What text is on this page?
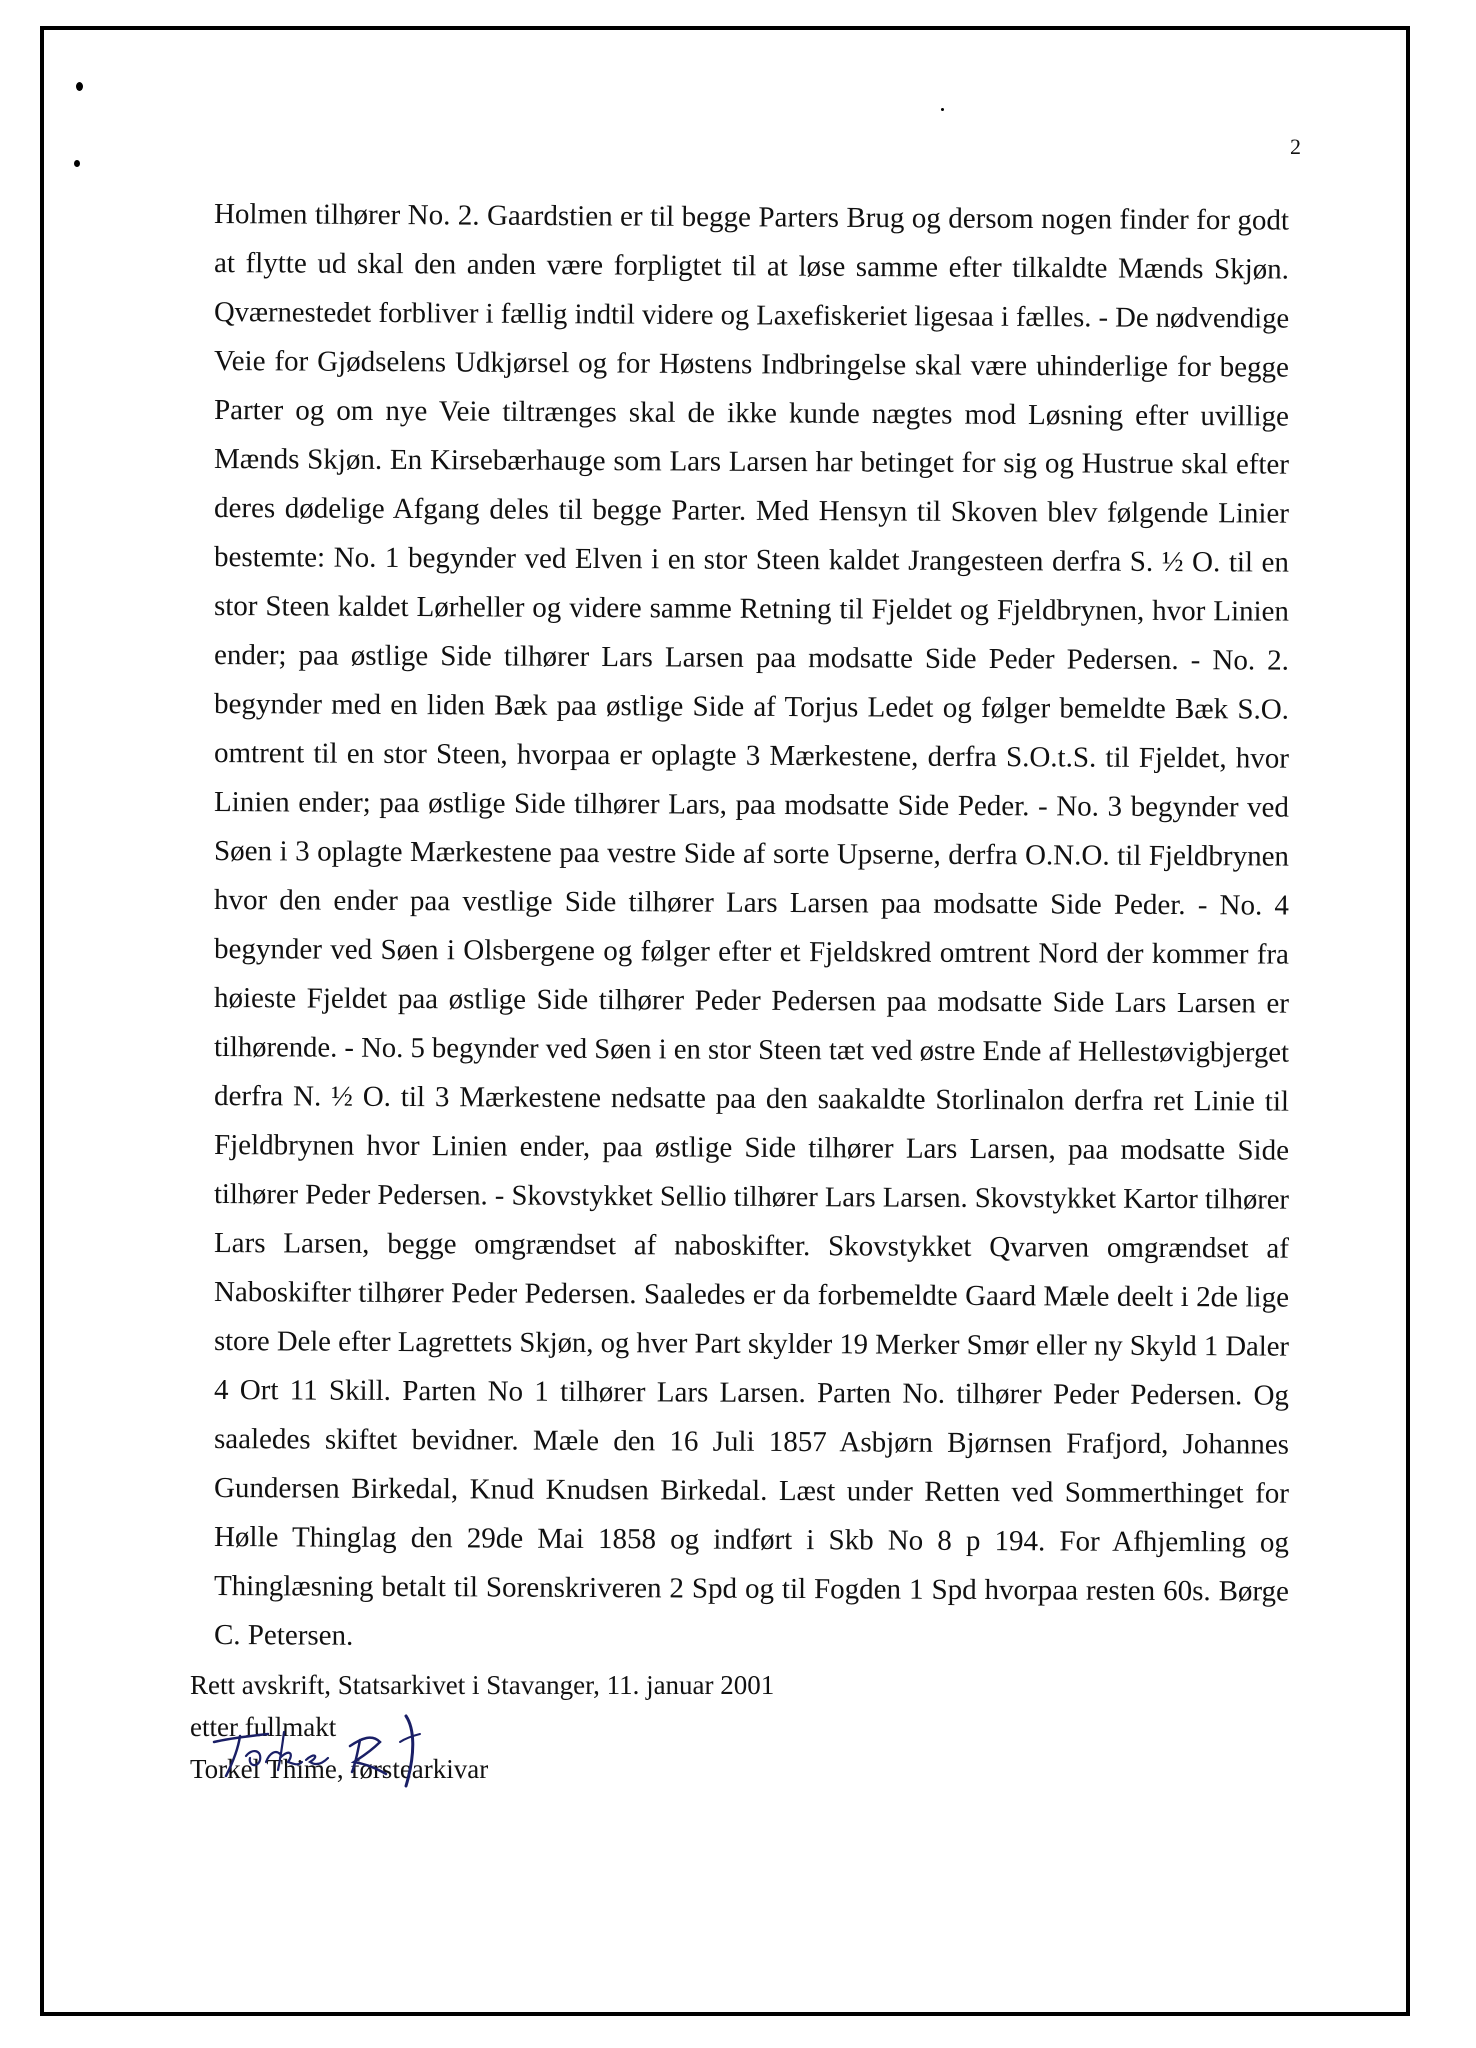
2
Holmen tilhører No. 2. Gaardstien er til begge Parters Brug og dersom nogen finder for godt
at flytte ud skal den anden være forpligtet til at løse samme efter tilkaldte Mænds Skjøn.
Qværnestedet forbliver i fællig indtil videre og Laxefiskeriet ligesaa i fælles. - De nødvendige
Veie for Gjødselens Udkjørsel og for Høstens Indbringelse skal være uhinderlige for begge
Parter og om nye Veie tiltrænges skal de ikke kunde nægtes mod Løsning efter uvillige
Mænds Skjøn. En Kirsebærhauge som Lars Larsen har betinget for sig og Hustrue skal efter
deres dødelige Afgang deles til begge Parter. Med Hensyn til Skoven blev følgende Linier
bestemte: No. 1 begynder ved Elven i en stor Steen kaldet Jrangesteen derfra S. ½ O. til en
stor Steen kaldet Lørheller og videre samme Retning til Fjeldet og Fjeldbrynen, hvor Linien
ender; paa østlige Side tilhører Lars Larsen paa modsatte Side Peder Pedersen. - No. 2.
begynder med en liden Bæk paa østlige Side af Torjus Ledet og følger bemeldte Bæk S.O.
omtrent til en stor Steen, hvorpaa er oplagte 3 Mærkestene, derfra S.O.t.S. til Fjeldet, hvor
Linien ender; paa østlige Side tilhører Lars, paa modsatte Side Peder. - No. 3 begynder ved
Søen i 3 oplagte Mærkestene paa vestre Side af sorte Upserne, derfra O.N.O. til Fjeldbrynen
hvor den ender paa vestlige Side tilhører Lars Larsen paa modsatte Side Peder. - No. 4
begynder ved Søen i Olsbergene og følger efter et Fjeldskred omtrent Nord der kommer fra
høieste Fjeldet paa østlige Side tilhører Peder Pedersen paa modsatte Side Lars Larsen er
tilhørende. - No. 5 begynder ved Søen i en stor Steen tæt ved østre Ende af Hellestøvigbjerget
derfra N. ½ O. til 3 Mærkestene nedsatte paa den saakaldte Storlinalon derfra ret Linie til
Fjeldbrynen hvor Linien ender, paa østlige Side tilhører Lars Larsen, paa modsatte Side
tilhører Peder Pedersen. - Skovstykket Sellio tilhører Lars Larsen. Skovstykket Kartor tilhører
Lars Larsen, begge omgrændset af naboskifter. Skovstykket Qvarven omgrændset af
Naboskifter tilhører Peder Pedersen. Saaledes er da forbemeldte Gaard Mæle deelt i 2de lige
store Dele efter Lagrettets Skjøn, og hver Part skylder 19 Merker Smør eller ny Skyld 1 Daler
4 Ort 11 Skill. Parten No 1 tilhører Lars Larsen. Parten No. tilhører Peder Pedersen. Og
saaledes skiftet bevidner. Mæle den 16 Juli 1857 Asbjørn Bjørnsen Frafjord, Johannes
Gundersen Birkedal, Knud Knudsen Birkedal. Læst under Retten ved Sommerthinget for
Hølle Thinglag den 29de Mai 1858 og indført i Skb No 8 p 194. For Afhjemling og
Thinglæsning betalt til Sorenskriveren 2 Spd og til Fogden 1 Spd hvorpaa resten 60s. Børge
C. Petersen.
Rett avskrift, Statsarkivet i Stavanger, 11. januar 2001
etter fullmakt
Torkel Thime, førstearkivar
